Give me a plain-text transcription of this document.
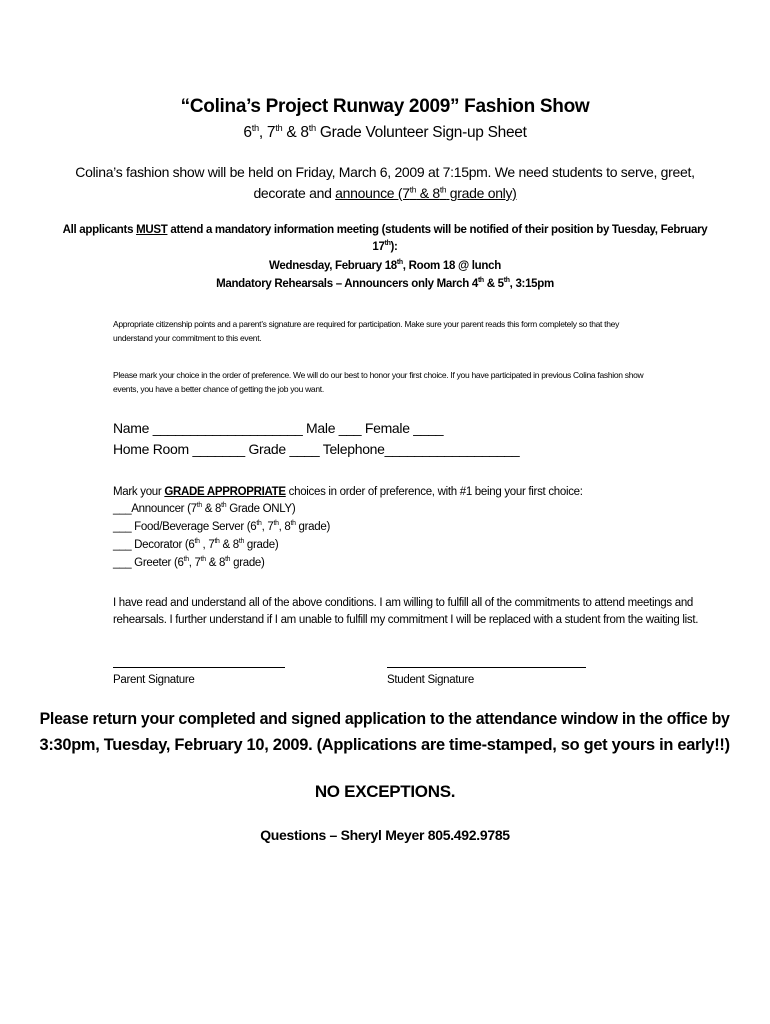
“Colina’s Project Runway 2009” Fashion Show
6th, 7th & 8th Grade Volunteer Sign-up Sheet
Colina’s fashion show will be held on Friday, March 6, 2009 at 7:15pm. We need students to serve, greet,
decorate and announce (7th & 8th grade only)
All applicants MUST attend a mandatory information meeting (students will be notified of their position by Tuesday, February
17th):
Wednesday, February 18th, Room 18 @ lunch
Mandatory Rehearsals – Announcers only March 4th & 5th, 3:15pm
Appropriate citizenship points and a parent’s signature are required for participation. Make sure your parent reads this form completely so that they
understand your commitment to this event.
Please mark your choice in the order of preference. We will do our best to honor your first choice. If you have participated in previous Colina fashion show
events, you have a better chance of getting the job you want.
Name ____________________ Male ___ Female ____
Home Room _______ Grade ____ Telephone__________________
Mark your GRADE APPROPRIATE choices in order of preference, with #1 being your first choice:
___Announcer (7th & 8th Grade ONLY)
___ Food/Beverage Server (6th, 7th, 8th grade)
___ Decorator (6th , 7th & 8th grade)
___ Greeter (6th, 7th & 8th grade)
I have read and understand all of the above conditions. I am willing to fulfill all of the commitments to attend meetings and
rehearsals. I further understand if I am unable to fulfill my commitment I will be replaced with a student from the waiting list.
Parent Signature	Student Signature
Please return your completed and signed application to the attendance window in the office by
3:30pm, Tuesday, February 10, 2009. (Applications are time-stamped, so get yours in early!!)
NO EXCEPTIONS.
Questions – Sheryl Meyer 805.492.9785
